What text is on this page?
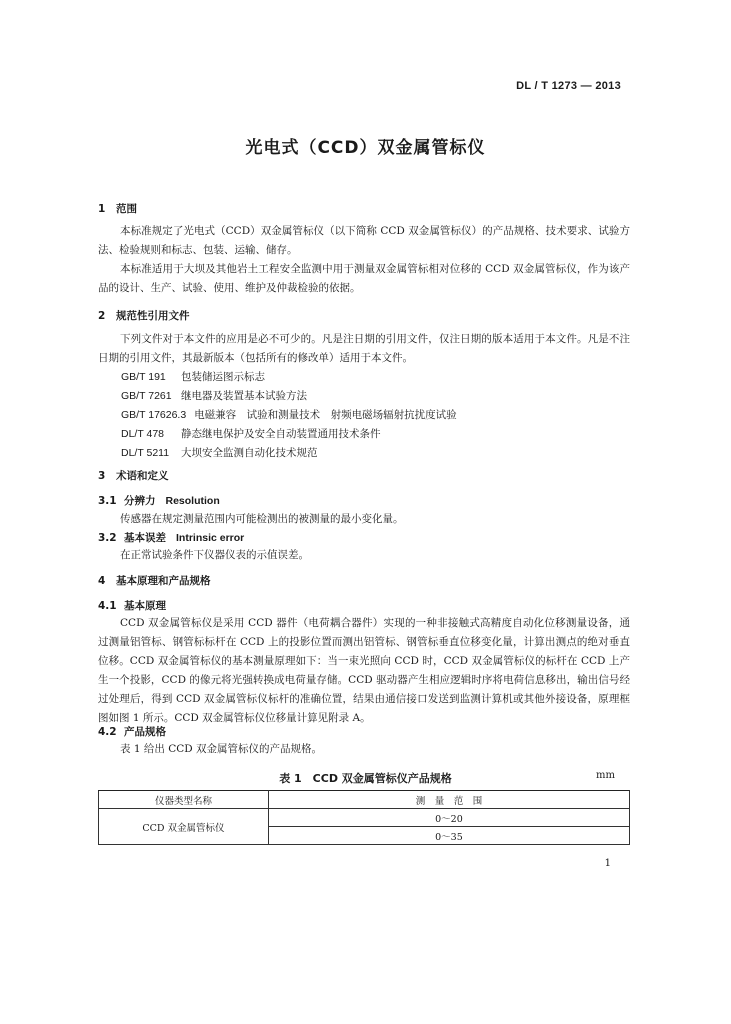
DL / T 1273 — 2013
光电式（CCD）双金属管标仪
1 范围

本标准规定了光电式（CCD）双金属管标仪（以下简称 CCD 双金属管标仪）的产品规格、技术要求、试验方法、检验规则和标志、包装、运输、储存。

本标准适用于大坝及其他岩土工程安全监测中用于测量双金属管标相对位移的 CCD 双金属管标仪，作为该产品的设计、生产、试验、使用、维护及仲裁检验的依据。

2 规范性引用文件

下列文件对于本文件的应用是必不可少的。凡是注日期的引用文件，仅注日期的版本适用于本文件。凡是不注日期的引用文件，其最新版本（包括所有的修改单）适用于本文件。

GB/T 191 包装储运图示标志
GB/T 7261 继电器及装置基本试验方法
GB/T 17626.3 电磁兼容　试验和测量技术　射频电磁场辐射抗扰度试验
DL/T 478 静态继电保护及安全自动装置通用技术条件
DL/T 5211 大坝安全监测自动化技术规范
3 术语和定义
3.1 分辨力 Resolution

传感器在规定测量范围内可能检测出的被测量的最小变化量。

3.2 基本误差 Intrinsic error

在正常试验条件下仪器仪表的示值误差。

4 基本原理和产品规格
4.1 基本原理

CCD 双金属管标仪是采用 CCD 器件（电荷耦合器件）实现的一种非接触式高精度自动化位移测量设备，通过测量铝管标、钢管标标杆在 CCD 上的投影位置而测出铝管标、钢管标垂直位移变化量，计算出测点的绝对垂直位移。CCD 双金属管标仪的基本测量原理如下：当一束光照向 CCD 时，CCD 双金属管标仪的标杆在 CCD 上产生一个投影，CCD 的像元将光强转换成电荷量存储。CCD 驱动器产生相应逻辑时序将电荷信息移出，输出信号经过处理后，得到 CCD 双金属管标仪标杆的准确位置，结果由通信接口发送到监测计算机或其他外接设备，原理框图如图 1 所示。CCD 双金属管标仪位移量计算见附录 A。

4.2 产品规格

表 1 给出 CCD 双金属管标仪的产品规格。

表 1　CCD 双金属管标仪产品规格	mm
仪器类型名称	测　量　范　围
CCD 双金属管标仪	0～20
	0～35
1
